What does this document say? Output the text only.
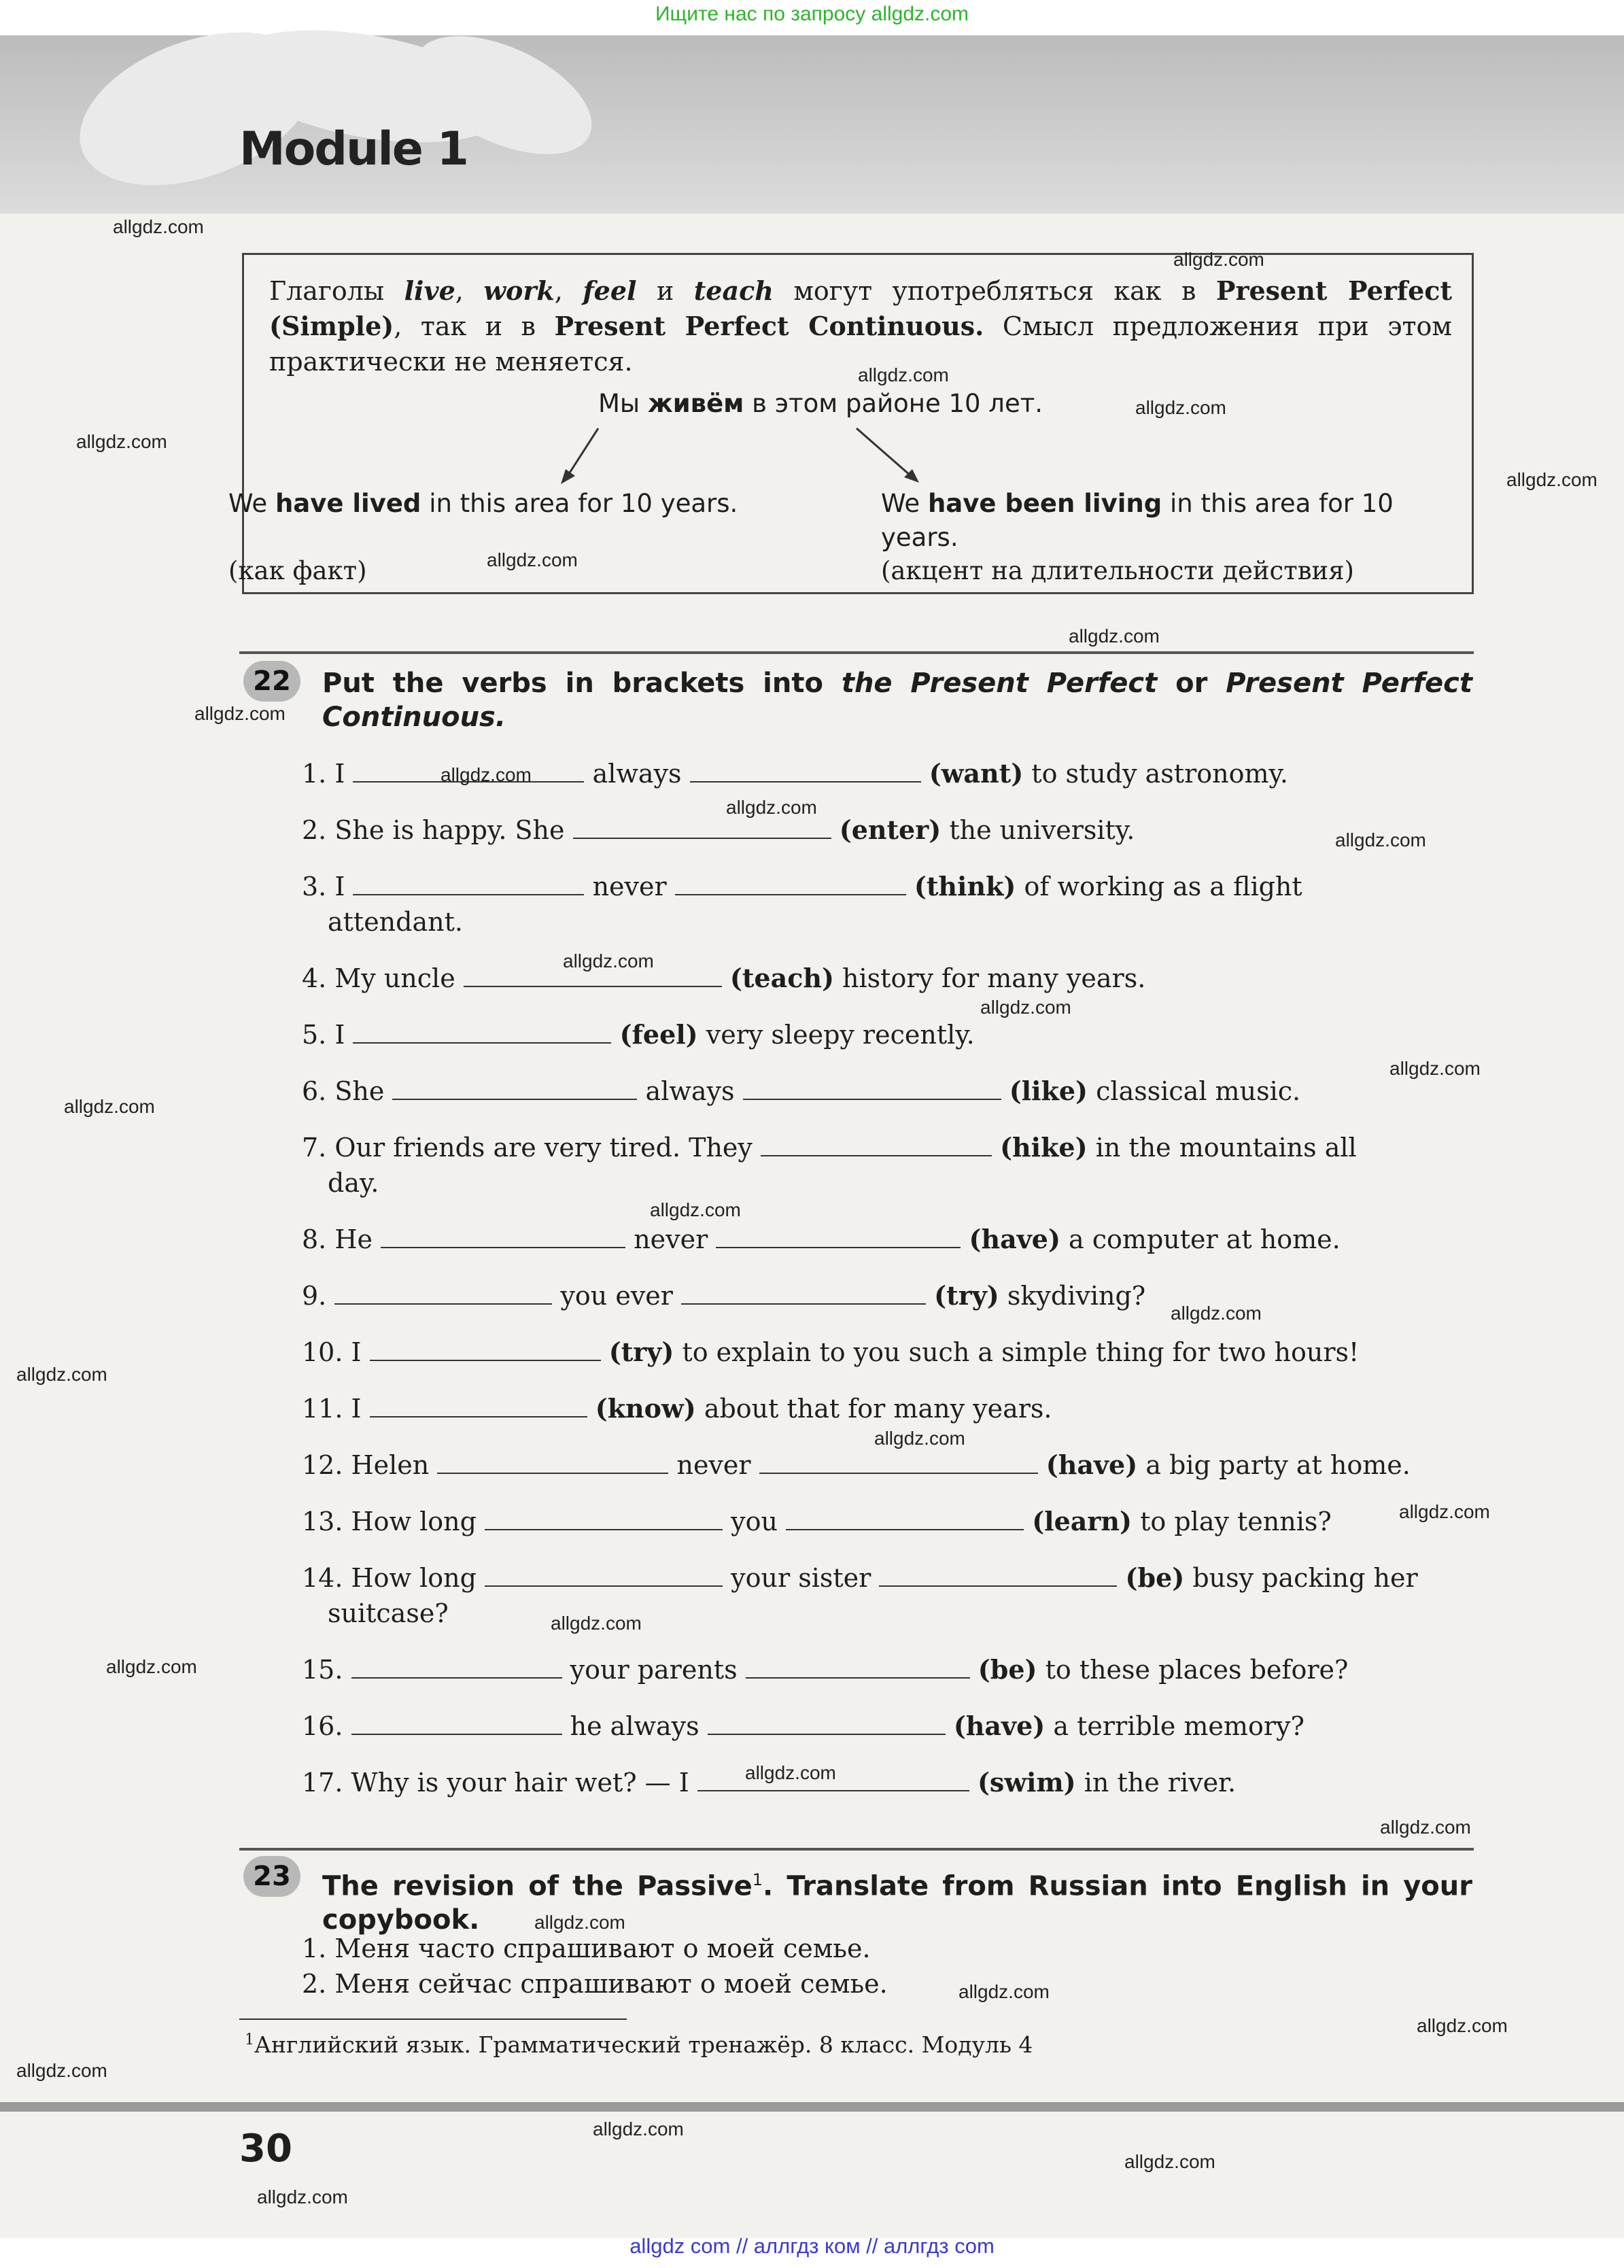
Ищите нас по запросу allgdz.com
Module 1
Глаголы live, work, feel и teach могут употребляться как в Present Perfect (Simple), так и в Present Perfect Continuous. Смысл предложения при этом практически не меняется.
Мы живём в этом районе 10 лет.
We have lived in this area for 10 years.
(как факт)
We have been living in this area for 10 years.
(акцент на длительности действия)
22	Put the verbs in brackets into the Present Perfect or Present Perfect Continuous.
1. I	always	(want) to study astronomy.
2. She is happy. She	(enter) the university.
3. I	never	(think) of working as a flight
attendant.
4. My uncle	(teach) history for many years.
5. I	(feel) very sleepy recently.
6. She	always	(like) classical music.
7. Our friends are very tired. They	(hike) in the mountains all
day.
8. He	never	(have) a computer at home.
9.	you ever	(try) skydiving?
10. I	(try) to explain to you such a simple thing for two hours!
11. I	(know) about that for many years.
12. Helen	never	(have) a big party at home.
13. How long	you	(learn) to play tennis?
14. How long	your sister	(be) busy packing her
suitcase?
15.	your parents	(be) to these places before?
16.	he always	(have) a terrible memory?
17. Why is your hair wet? — I	(swim) in the river.
23	The revision of the Passive$^1$. Translate from Russian into English in your copybook.
1. Меня часто спрашивают о моей семье.
2. Меня сейчас спрашивают о моей семье.
$^1$Английский язык. Грамматический тренажёр. 8 класс. Модуль 4
30
allgdz.com
allgdz.com
allgdz.com
allgdz.com
allgdz.com
allgdz.com
allgdz.com
allgdz.com
allgdz.com
allgdz.com
allgdz.com
allgdz.com
allgdz.com
allgdz.com
allgdz.com
allgdz.com
allgdz.com
allgdz.com
allgdz.com
allgdz.com
allgdz.com
allgdz.com
allgdz.com
allgdz.com
allgdz.com
allgdz.com
allgdz.com
allgdz.com
allgdz.com
allgdz.com
allgdz.com
allgdz.com
allgdz com // аллгдз ком // аллгдз com
